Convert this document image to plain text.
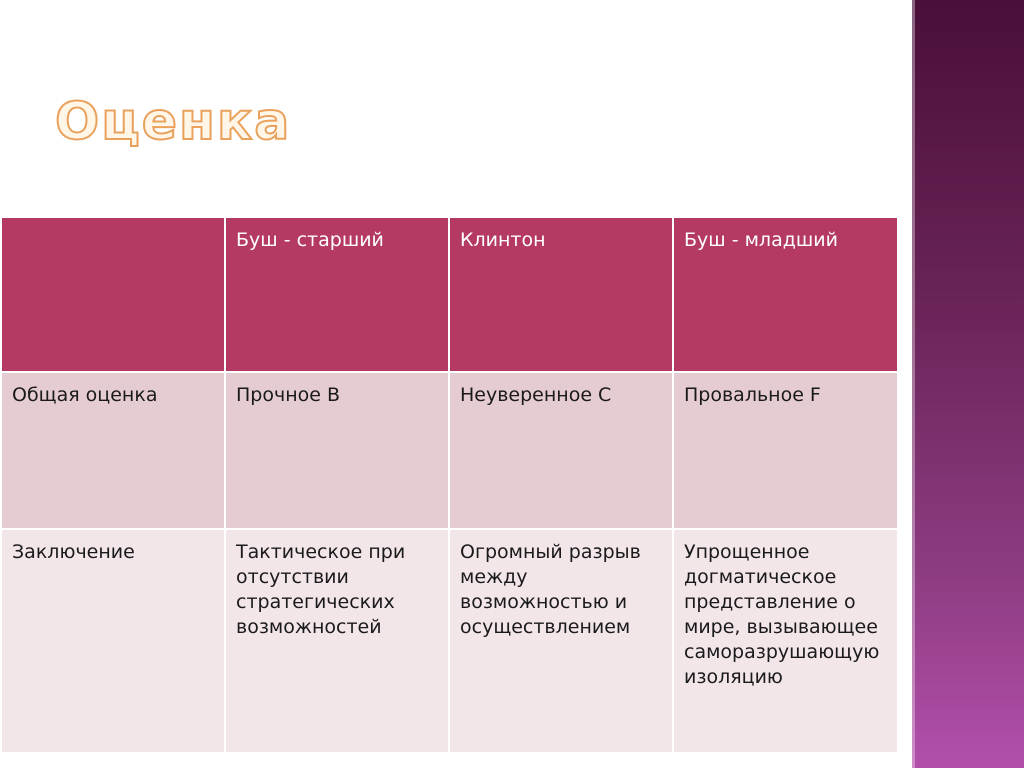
Оценка
	Буш - старший	Клинтон	Буш - младший
Общая оценка	Прочное В	Неуверенное С	Провальное F
Заключение	Тактическое при отсутствии стратегических возможностей	Огромный разрыв между возможностью и осуществлением	Упрощенное догматическое представление о мире, вызывающее саморазрушающую изоляцию
